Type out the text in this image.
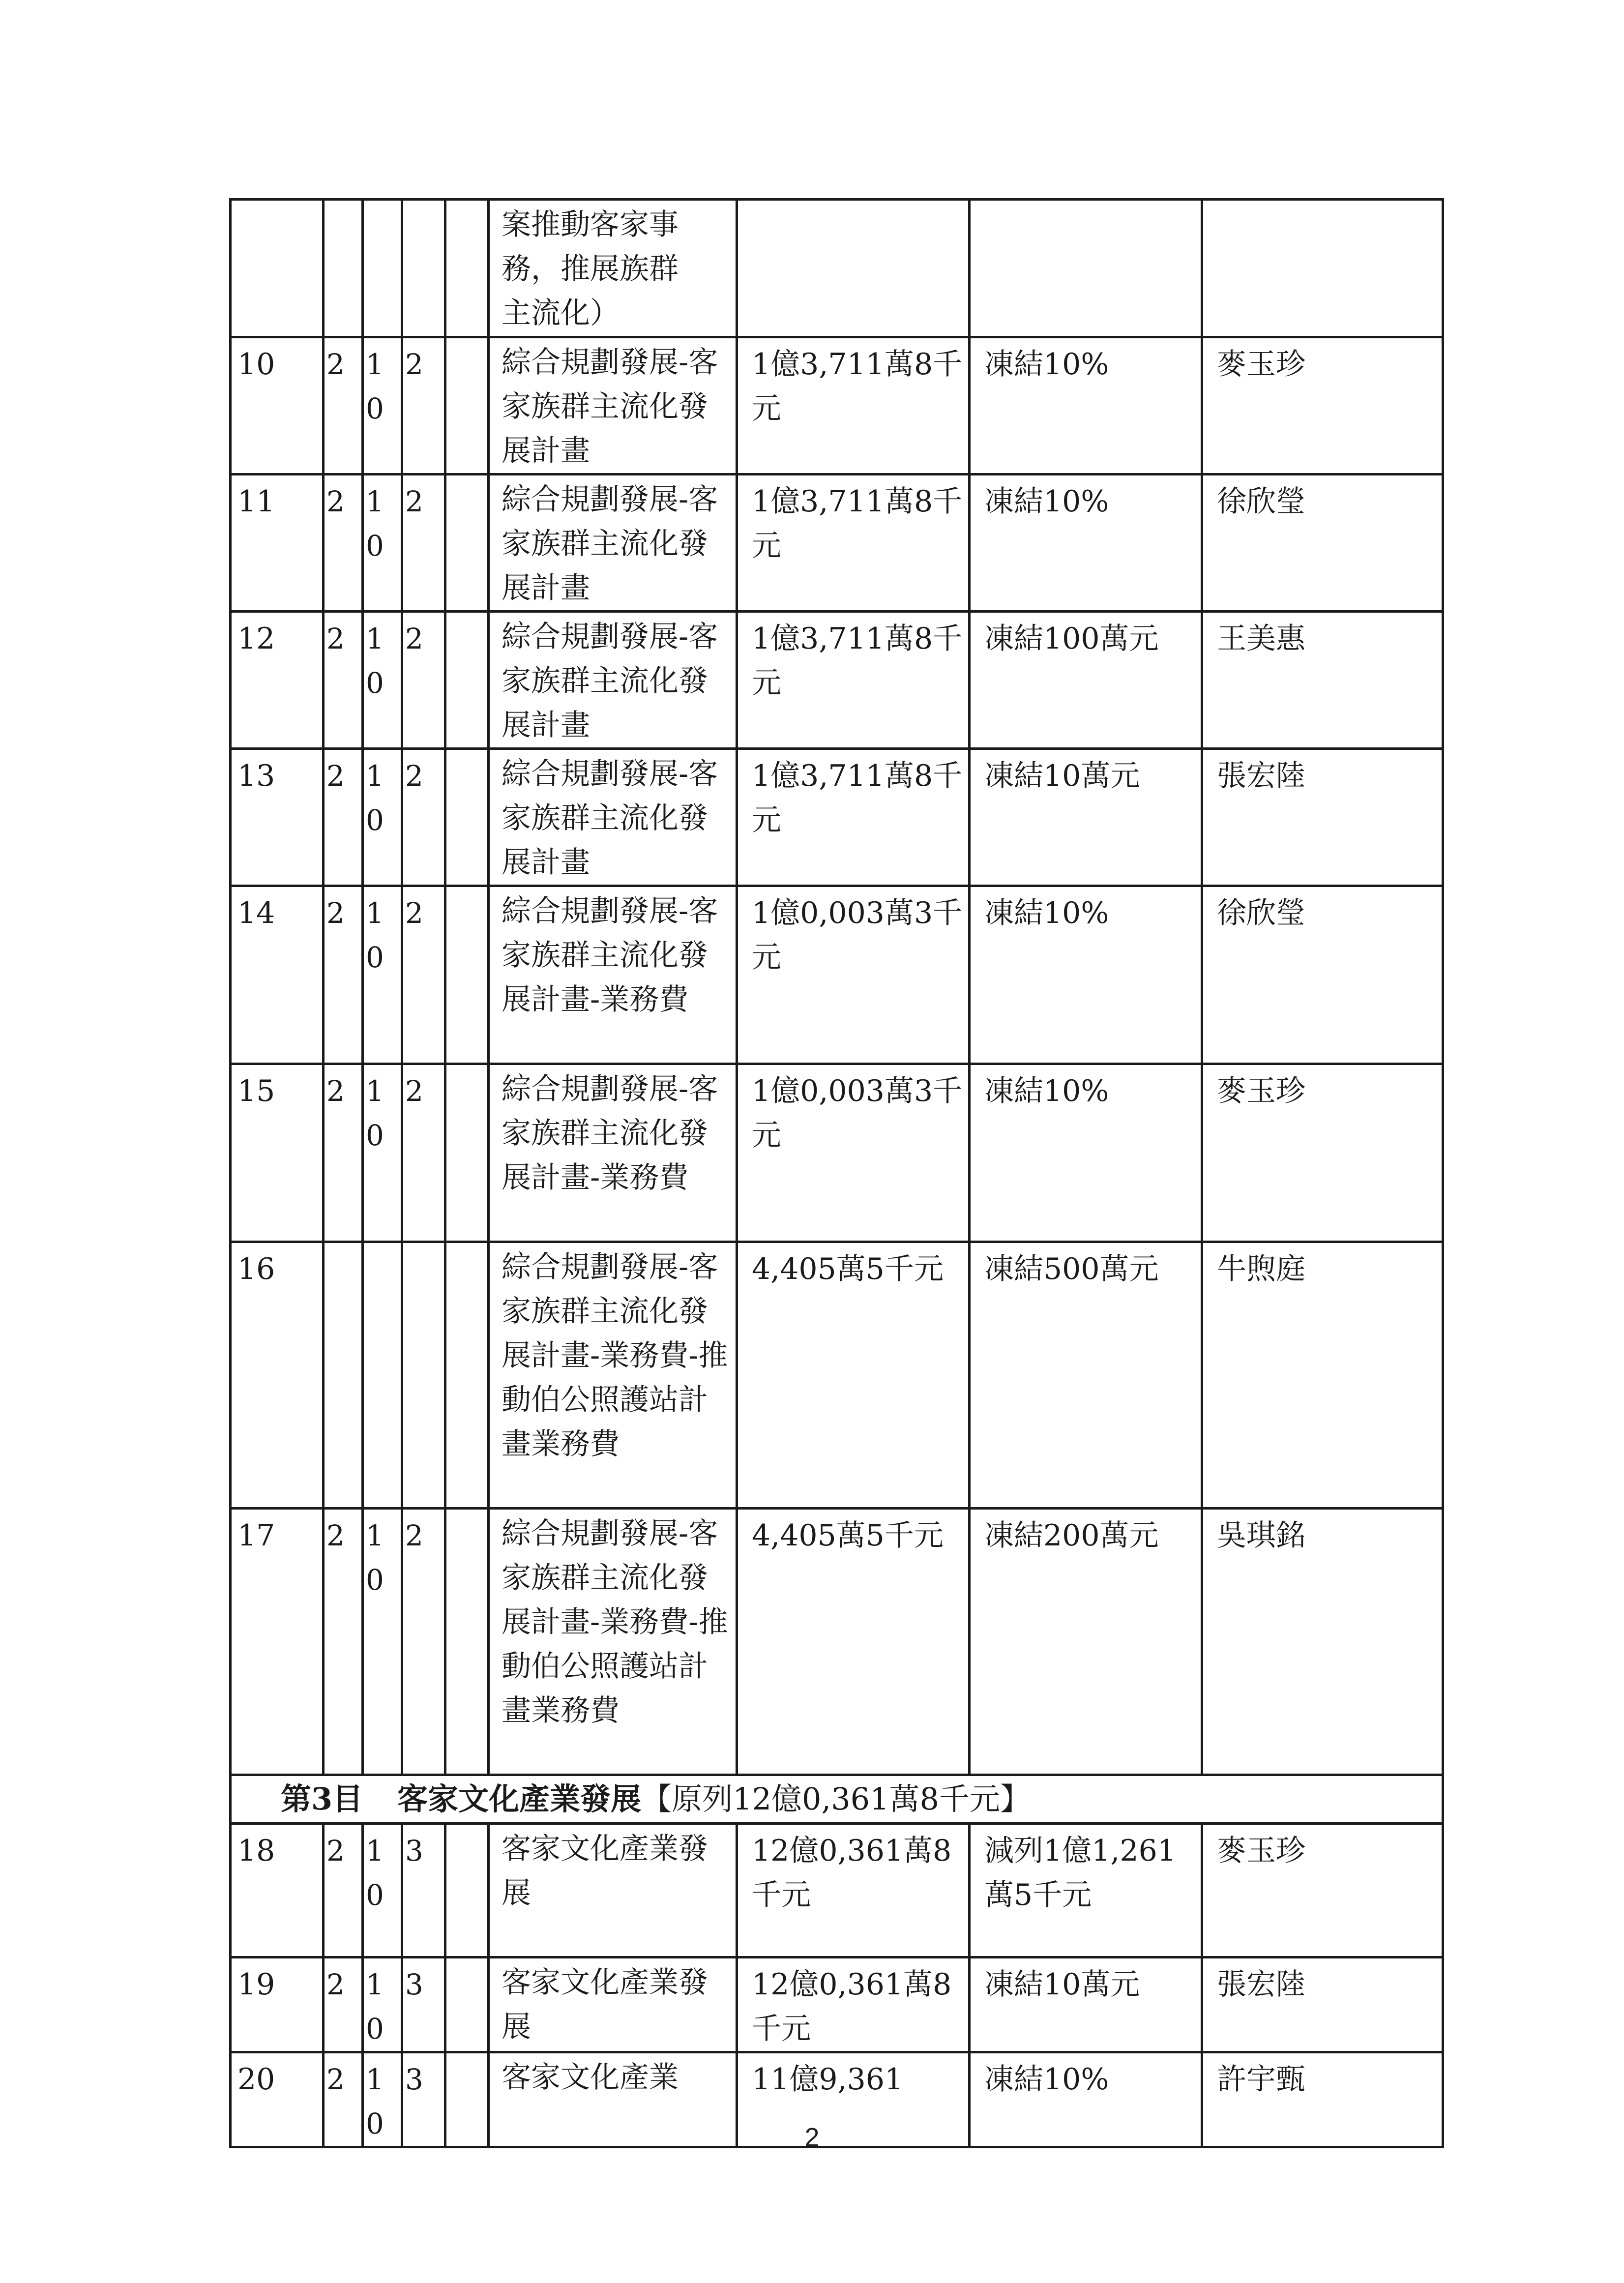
					案推動客家事
務，推展族群
主流化）			
10	2	10	2		綜合規劃發展-客家族群主流化發展計畫	1億3,711萬8千元	凍結10%	麥玉珍
11	2	10	2		綜合規劃發展-客家族群主流化發展計畫	1億3,711萬8千元	凍結10%	徐欣瑩
12	2	10	2		綜合規劃發展-客家族群主流化發展計畫	1億3,711萬8千元	凍結100萬元	王美惠
13	2	10	2		綜合規劃發展-客家族群主流化發展計畫	1億3,711萬8千元	凍結10萬元	張宏陸
14	2	10	2		綜合規劃發展-客家族群主流化發展計畫-業務費	1億0,003萬3千元	凍結10%	徐欣瑩
15	2	10	2		綜合規劃發展-客家族群主流化發展計畫-業務費	1億0,003萬3千元	凍結10%	麥玉珍
16					綜合規劃發展-客家族群主流化發展計畫-業務費-推動伯公照護站計畫業務費	4,405萬5千元	凍結500萬元	牛煦庭
17	2	10	2		綜合規劃發展-客家族群主流化發展計畫-業務費-推動伯公照護站計畫業務費	4,405萬5千元	凍結200萬元	吳琪銘
第3目 客家文化產業發展【原列12億0,361萬8千元】								
18	2	10	3		客家文化產業發展	12億0,361萬8千元	減列1億1,261萬5千元	麥玉珍
19	2	10	3		客家文化產業發展	12億0,361萬8千元	凍結10萬元	張宏陸
20	2	10	3		客家文化產業	11億9,361	凍結10%	許宇甄
2
